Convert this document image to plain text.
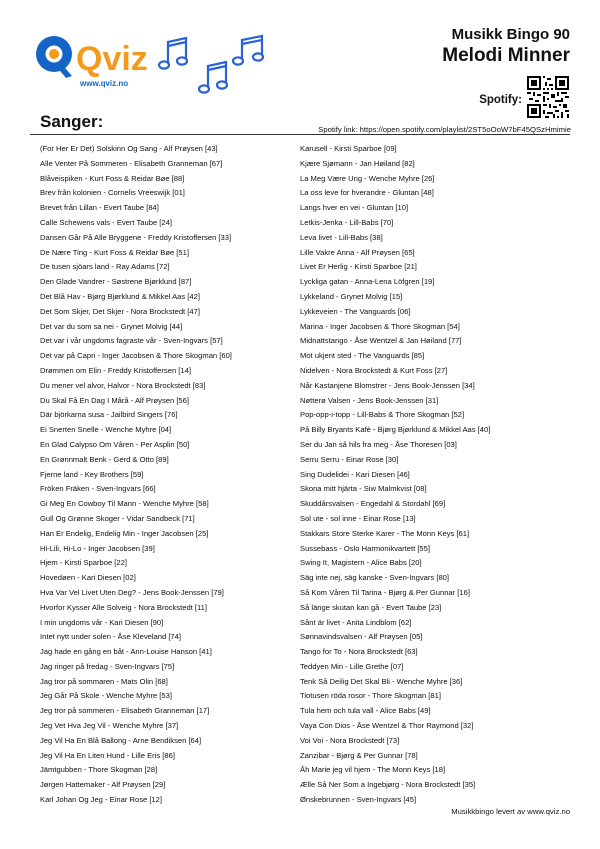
Qviz
www.qviz.no
Musikk Bingo 90
Melodi Minner
Spotify:
Sanger:	Spotify link: https://open.spotify.com/playlist/2ST5oOoW7bF45QSzHmimie
(For Her Er Det) Solskinn Og Sang - Alf Prøysen [43]
Alle Venter På Sommeren - Elisabeth Granneman [67]
Blåveispiken - Kurt Foss & Reidar Bøe [88]
Brev från kolonien - Cornelis Vreeswijk [01]
Brevet från Lillan - Evert Taube [84]
Calle Schewens vals - Evert Taube [24]
Dansen Går På Alle Bryggene - Freddy Kristoffersen [33]
De Nære Ting - Kurt Foss & Reidar Bøe [51]
De tusen sjöars land - Ray Adams [72]
Den Glade Vandrer - Søstrene Bjørklund [87]
Det Blå Hav - Bjørg Bjørklund & Mikkel Aas [42]
Det Som Skjer, Det Skjer - Nora Brockstedt [47]
Det var du som sa nei - Grynet Molvig [44]
Det var i vår ungdoms fagraste vår - Sven-Ingvars [57]
Det var på Capri - Inger Jacobsen & Thore Skogman [60]
Drømmen om Elin - Freddy Kristoffersen [14]
Du mener vel alvor, Halvor - Nora Brockstedt [83]
Du Skal Få En Dag I Mårå - Alf Prøysen [56]
Där björkarna susa - Jailbird Singers [76]
Ei Snerten Snelle - Wenche Myhre [04]
En Glad Calypso Om Våren - Per Asplin [50]
En Grønnmalt Benk - Gerd & Otto [89]
Fjerne land - Key Brothers [59]
Fröken Fräken - Sven-Ingvars [66]
Gi Meg En Cowboy Til Mann - Wenche Myhre [58]
Gull Og Grønne Skoger - Vidar Sandbeck [71]
Han Er Endelig, Endelig Min - Inger Jacobsen [25]
Hi-Lili, Hi-Lo - Inger Jacobsen [39]
Hjem - Kirsti Sparboe [22]
Hovedøen - Kari Diesen [02]
Hva Var Vel Livet Uten Deg? - Jens Book-Jenssen [79]
Hvorfor Kysser Alle Solveig - Nora Brockstedt [11]
I min ungdoms vår - Kari Diesen [90]
Intet nytt under solen - Åse Kleveland [74]
Jag hade en gång en båt - Ann-Louise Hanson [41]
Jag ringer på fredag - Sven-Ingvars [75]
Jag tror på sommaren - Mats Olin [68]
Jeg Går På Skole - Wenche Myhre [53]
Jeg tror på sommeren - Elisabeth Granneman [17]
Jeg Vet Hva Jeg Vil - Wenche Myhre [37]
Jeg Vil Ha En Blå Ballong - Arne Bendiksen [64]
Jeg Vil Ha En Liten Hund - Lille Eris [86]
Jämtgubben - Thore Skogman [28]
Jørgen Hattemaker - Alf Prøysen [29]
Karl Johan Og Jeg - Einar Rose [12]
Karusell - Kirsti Sparboe [09]
Kjære Sjømann - Jan Høiland [82]
La Meg Være Ung - Wenche Myhre [26]
La oss leve for hverandre - Gluntan [48]
Langs hver en vei - Gluntan [10]
Letkis-Jenka - Lill-Babs [70]
Leva livet - Lill-Babs [38]
Lille Vakre Anna - Alf Prøysen [65]
Livet Er Herlig - Kirsti Sparboe [21]
Lyckliga gatan - Anna-Lena Löfgren [19]
Lykkeland - Grynet Molvig [15]
Lykkeveien - The Vanguards [06]
Marina - Inger Jacobsen & Thore Skogman [54]
Midnattstango - Åse Wentzel & Jan Høiland [77]
Mot ukjent sted - The Vanguards [85]
Nidelven - Nora Brockstedt & Kurt Foss [27]
Når Kastanjene Blomstrer - Jens Book-Jenssen [34]
Nøtterø Valsen - Jens Book-Jenssen [31]
Pop-opp-i-topp - Lill-Babs & Thore Skogman [52]
På Billy Bryants Kafè - Bjørg Bjørklund & Mikkel Aas [40]
Ser du Jan så hils fra meg - Åse Thoresen [03]
Serru Serru - Einar Rose [30]
Sing Dudelidei - Kari Diesen [46]
Skona mitt hjärta - Siw Malmkvist [08]
Skuddårsvalsen - Engedahl & Stordahl [69]
Sol ute - sol inne - Einar Rose [13]
Stakkars Store Sterke Karer - The Monn Keys [61]
Sussebass - Oslo Harmonikvartett [55]
Swing It, Magistern - Alice Babs [20]
Säg inte nej, säg kanske - Sven-Ingvars [80]
Så Kom Våren Til Tarina - Bjørg & Per Gunnar [16]
Så länge skutan kan gå - Evert Taube [23]
Sånt är livet - Anita Lindblom [62]
Sønnavindsvalsen - Alf Prøysen [05]
Tango for To - Nora Brockstedt [63]
Teddyen Min - Lille Grethe [07]
Tenk Så Deilig Det Skal Bli - Wenche Myhre [36]
Tiotusen röda rosor - Thore Skogman [81]
Tula hem och tula vall - Alice Babs [49]
Vaya Con Dios - Åse Wentzel & Thor Raymond [32]
Voi Voi - Nora Brockstedt [73]
Zanzibar - Bjørg & Per Gunnar [78]
Åh Marie jeg vil hjem - The Monn Keys [18]
Ælle Så Ner Som a Ingebjørg - Nora Brockstedt [35]
Ønskebrunnen - Sven-Ingvars [45]
Musikkbingo levert av www.qviz.no
